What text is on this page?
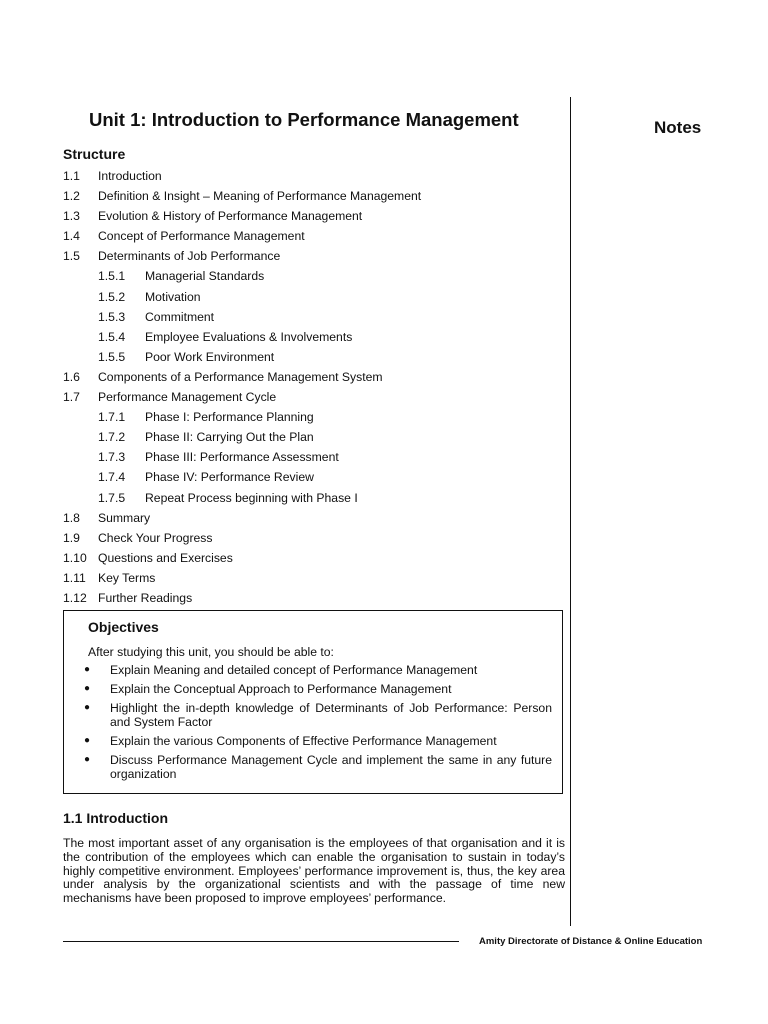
Notes
Unit 1: Introduction to Performance Management
Structure
1.1 Introduction
1.2 Definition & Insight – Meaning of Performance Management
1.3 Evolution & History of Performance Management
1.4 Concept of Performance Management
1.5 Determinants of Job Performance
1.5.1 Managerial Standards
1.5.2 Motivation
1.5.3 Commitment
1.5.4 Employee Evaluations & Involvements
1.5.5 Poor Work Environment
1.6 Components of a Performance Management System
1.7 Performance Management Cycle
1.7.1 Phase I: Performance Planning
1.7.2 Phase II: Carrying Out the Plan
1.7.3 Phase III: Performance Assessment
1.7.4 Phase IV: Performance Review
1.7.5 Repeat Process beginning with Phase I
1.8 Summary
1.9 Check Your Progress
1.10 Questions and Exercises
1.11 Key Terms
1.12 Further Readings
Objectives
After studying this unit, you should be able to:
● Explain Meaning and detailed concept of Performance Management
● Explain the Conceptual Approach to Performance Management
● Highlight the in-depth knowledge of Determinants of Job Performance: Person and System Factor
● Explain the various Components of Effective Performance Management
● Discuss Performance Management Cycle and implement the same in any future organization
1.1 Introduction
The most important asset of any organisation is the employees of that organisation and it is the contribution of the employees which can enable the organisation to sustain in today’s highly competitive environment. Employees’ performance improvement is, thus, the key area under analysis by the organizational scientists and with the passage of time new mechanisms have been proposed to improve employees’ performance.
Amity Directorate of Distance & Online Education
